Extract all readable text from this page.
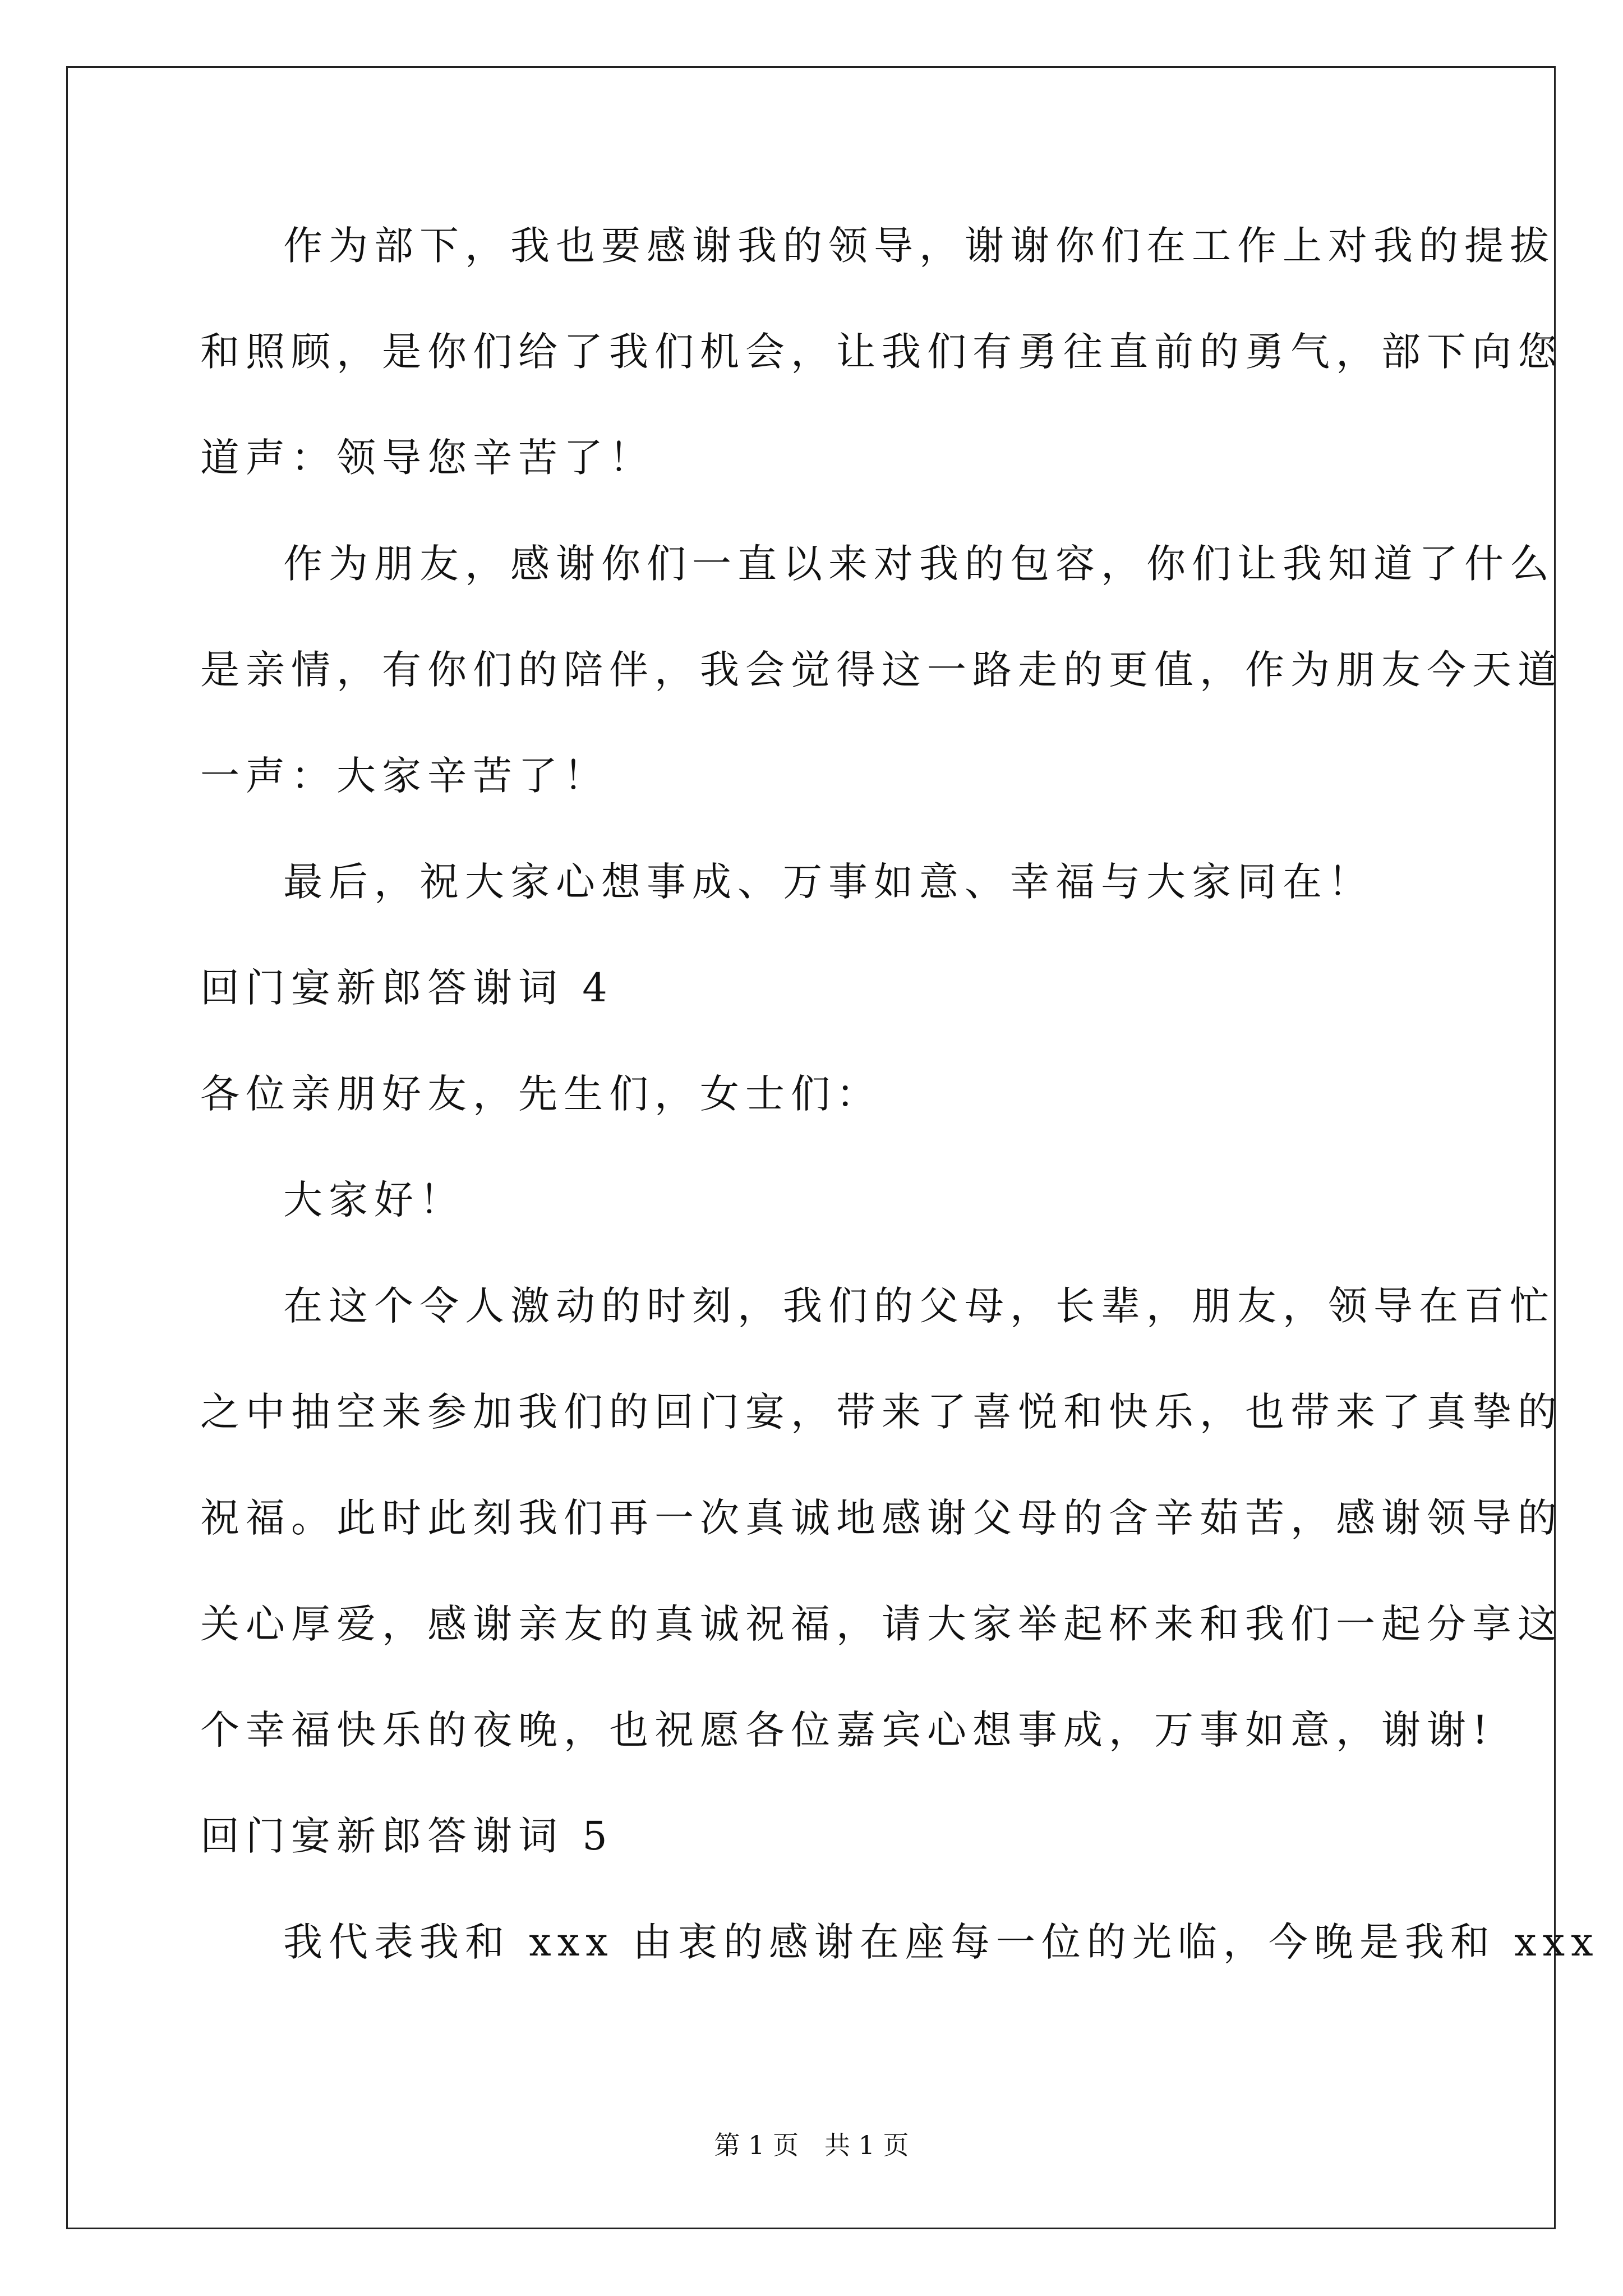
作为部下，我也要感谢我的领导，谢谢你们在工作上对我的提拔
和照顾，是你们给了我们机会，让我们有勇往直前的勇气，部下向您
道声：领导您辛苦了！
作为朋友，感谢你们一直以来对我的包容，你们让我知道了什么
是亲情，有你们的陪伴，我会觉得这一路走的更值，作为朋友今天道
一声：大家辛苦了！
最后，祝大家心想事成、万事如意、幸福与大家同在！
回门宴新郎答谢词 4
各位亲朋好友，先生们，女士们：
大家好！
在这个令人激动的时刻，我们的父母，长辈，朋友，领导在百忙
之中抽空来参加我们的回门宴，带来了喜悦和快乐，也带来了真挚的
祝福。此时此刻我们再一次真诚地感谢父母的含辛茹苦，感谢领导的
关心厚爱，感谢亲友的真诚祝福，请大家举起杯来和我们一起分享这
个幸福快乐的夜晚，也祝愿各位嘉宾心想事成，万事如意，谢谢!
回门宴新郎答谢词 5
我代表我和 xxx 由衷的感谢在座每一位的光临，今晚是我和 xxx
第 1 页　共 1 页
